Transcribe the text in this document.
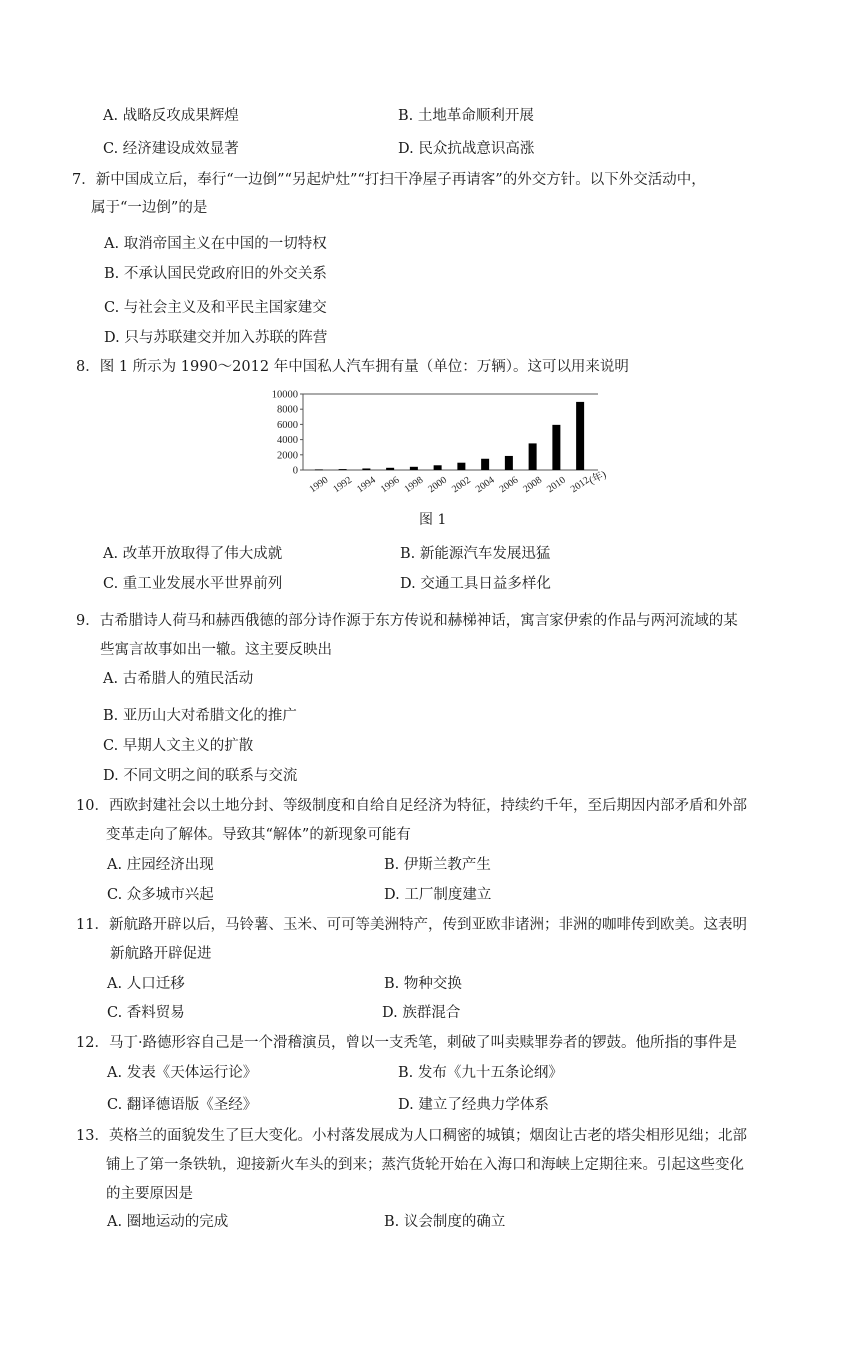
A. 战略反攻成果辉煌	B. 土地革命顺利开展
C. 经济建设成效显著	D. 民众抗战意识高涨
7．新中国成立后，奉行“一边倒”“另起炉灶”“打扫干净屋子再请客”的外交方针。以下外交活动中，
属于“一边倒”的是
A. 取消帝国主义在中国的一切特权
B. 不承认国民党政府旧的外交关系
C. 与社会主义及和平民主国家建交
D. 只与苏联建交并加入苏联的阵营
8．图 1 所示为 1990～2012 年中国私人汽车拥有量（单位：万辆）。这可以用来说明
10000
8000
6000
4000
2000
0
1990 1992 1994 1996 1998 2000 2002 2004 2006 2008 2010 2012
(年)
图 1
A. 改革开放取得了伟大成就	B. 新能源汽车发展迅猛
C. 重工业发展水平世界前列	D. 交通工具日益多样化
9．古希腊诗人荷马和赫西俄德的部分诗作源于东方传说和赫梯神话，寓言家伊索的作品与两河流域的某
些寓言故事如出一辙。这主要反映出
A. 古希腊人的殖民活动
B. 亚历山大对希腊文化的推广
C. 早期人文主义的扩散
D. 不同文明之间的联系与交流
10．西欧封建社会以土地分封、等级制度和自给自足经济为特征，持续约千年，至后期因内部矛盾和外部
变革走向了解体。导致其“解体”的新现象可能有
A. 庄园经济出现	B. 伊斯兰教产生
C. 众多城市兴起	D. 工厂制度建立
11．新航路开辟以后，马铃薯、玉米、可可等美洲特产，传到亚欧非诸洲；非洲的咖啡传到欧美。这表明
新航路开辟促进
A. 人口迁移	B. 物种交换
C. 香料贸易	D. 族群混合
12．马丁·路德形容自己是一个滑稽演员，曾以一支秃笔，刺破了叫卖赎罪券者的锣鼓。他所指的事件是
A. 发表《天体运行论》	B. 发布《九十五条论纲》
C. 翻译德语版《圣经》	D. 建立了经典力学体系
13．英格兰的面貌发生了巨大变化。小村落发展成为人口稠密的城镇；烟囱让古老的塔尖相形见绌；北部
铺上了第一条铁轨，迎接新火车头的到来；蒸汽货轮开始在入海口和海峡上定期往来。引起这些变化
的主要原因是
A. 圈地运动的完成	B. 议会制度的确立
